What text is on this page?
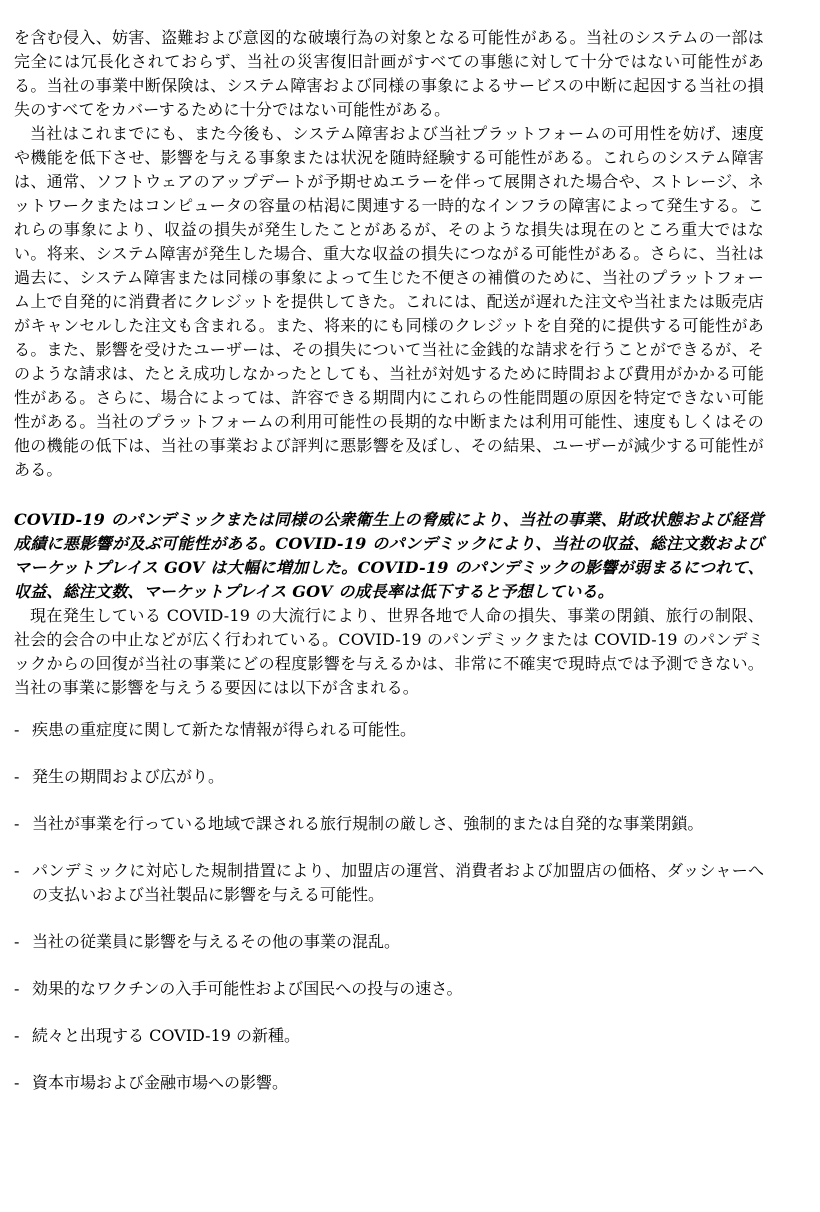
を含む侵入、妨害、盗難および意図的な破壊行為の対象となる可能性がある。当社のシステムの一部は完全には冗長化されておらず、当社の災害復旧計画がすべての事態に対して十分ではない可能性がある。当社の事業中断保険は、システム障害および同様の事象によるサービスの中断に起因する当社の損失のすべてをカバーするために十分ではない可能性がある。

当社はこれまでにも、また今後も、システム障害および当社プラットフォームの可用性を妨げ、速度や機能を低下させ、影響を与える事象または状況を随時経験する可能性がある。これらのシステム障害は、通常、ソフトウェアのアップデートが予期せぬエラーを伴って展開された場合や、ストレージ、ネットワークまたはコンピュータの容量の枯渇に関連する一時的なインフラの障害によって発生する。これらの事象により、収益の損失が発生したことがあるが、そのような損失は現在のところ重大ではない。将来、システム障害が発生した場合、重大な収益の損失につながる可能性がある。さらに、当社は過去に、システム障害または同様の事象によって生じた不便さの補償のために、当社のプラットフォーム上で自発的に消費者にクレジットを提供してきた。これには、配送が遅れた注文や当社または販売店がキャンセルした注文も含まれる。また、将来的にも同様のクレジットを自発的に提供する可能性がある。また、影響を受けたユーザーは、その損失について当社に金銭的な請求を行うことができるが、そのような請求は、たとえ成功しなかったとしても、当社が対処するために時間および費用がかかる可能性がある。さらに、場合によっては、許容できる期間内にこれらの性能問題の原因を特定できない可能性がある。当社のプラットフォームの利用可能性の長期的な中断または利用可能性、速度もしくはその他の機能の低下は、当社の事業および評判に悪影響を及ぼし、その結果、ユーザーが減少する可能性がある。

COVID-19 のパンデミックまたは同様の公衆衛生上の脅威により、当社の事業、財政状態および経営成績に悪影響が及ぶ可能性がある。COVID-19 のパンデミックにより、当社の収益、総注文数およびマーケットプレイス GOV は大幅に増加した。COVID-19 のパンデミックの影響が弱まるにつれて、収益、総注文数、マーケットプレイス GOV の成長率は低下すると予想している。

現在発生している COVID-19 の大流行により、世界各地で人命の損失、事業の閉鎖、旅行の制限、社会的会合の中止などが広く行われている。COVID-19 のパンデミックまたは COVID-19 のパンデミックからの回復が当社の事業にどの程度影響を与えるかは、非常に不確実で現時点では予測できない。当社の事業に影響を与えうる要因には以下が含まれる。

- 疾患の重症度に関して新たな情報が得られる可能性。
- 発生の期間および広がり。
- 当社が事業を行っている地域で課される旅行規制の厳しさ、強制的または自発的な事業閉鎖。
- パンデミックに対応した規制措置により、加盟店の運営、消費者および加盟店の価格、ダッシャーへの支払いおよび当社製品に影響を与える可能性。
- 当社の従業員に影響を与えるその他の事業の混乱。
- 効果的なワクチンの入手可能性および国民への投与の速さ。
- 続々と出現する COVID-19 の新種。
- 資本市場および金融市場への影響。
